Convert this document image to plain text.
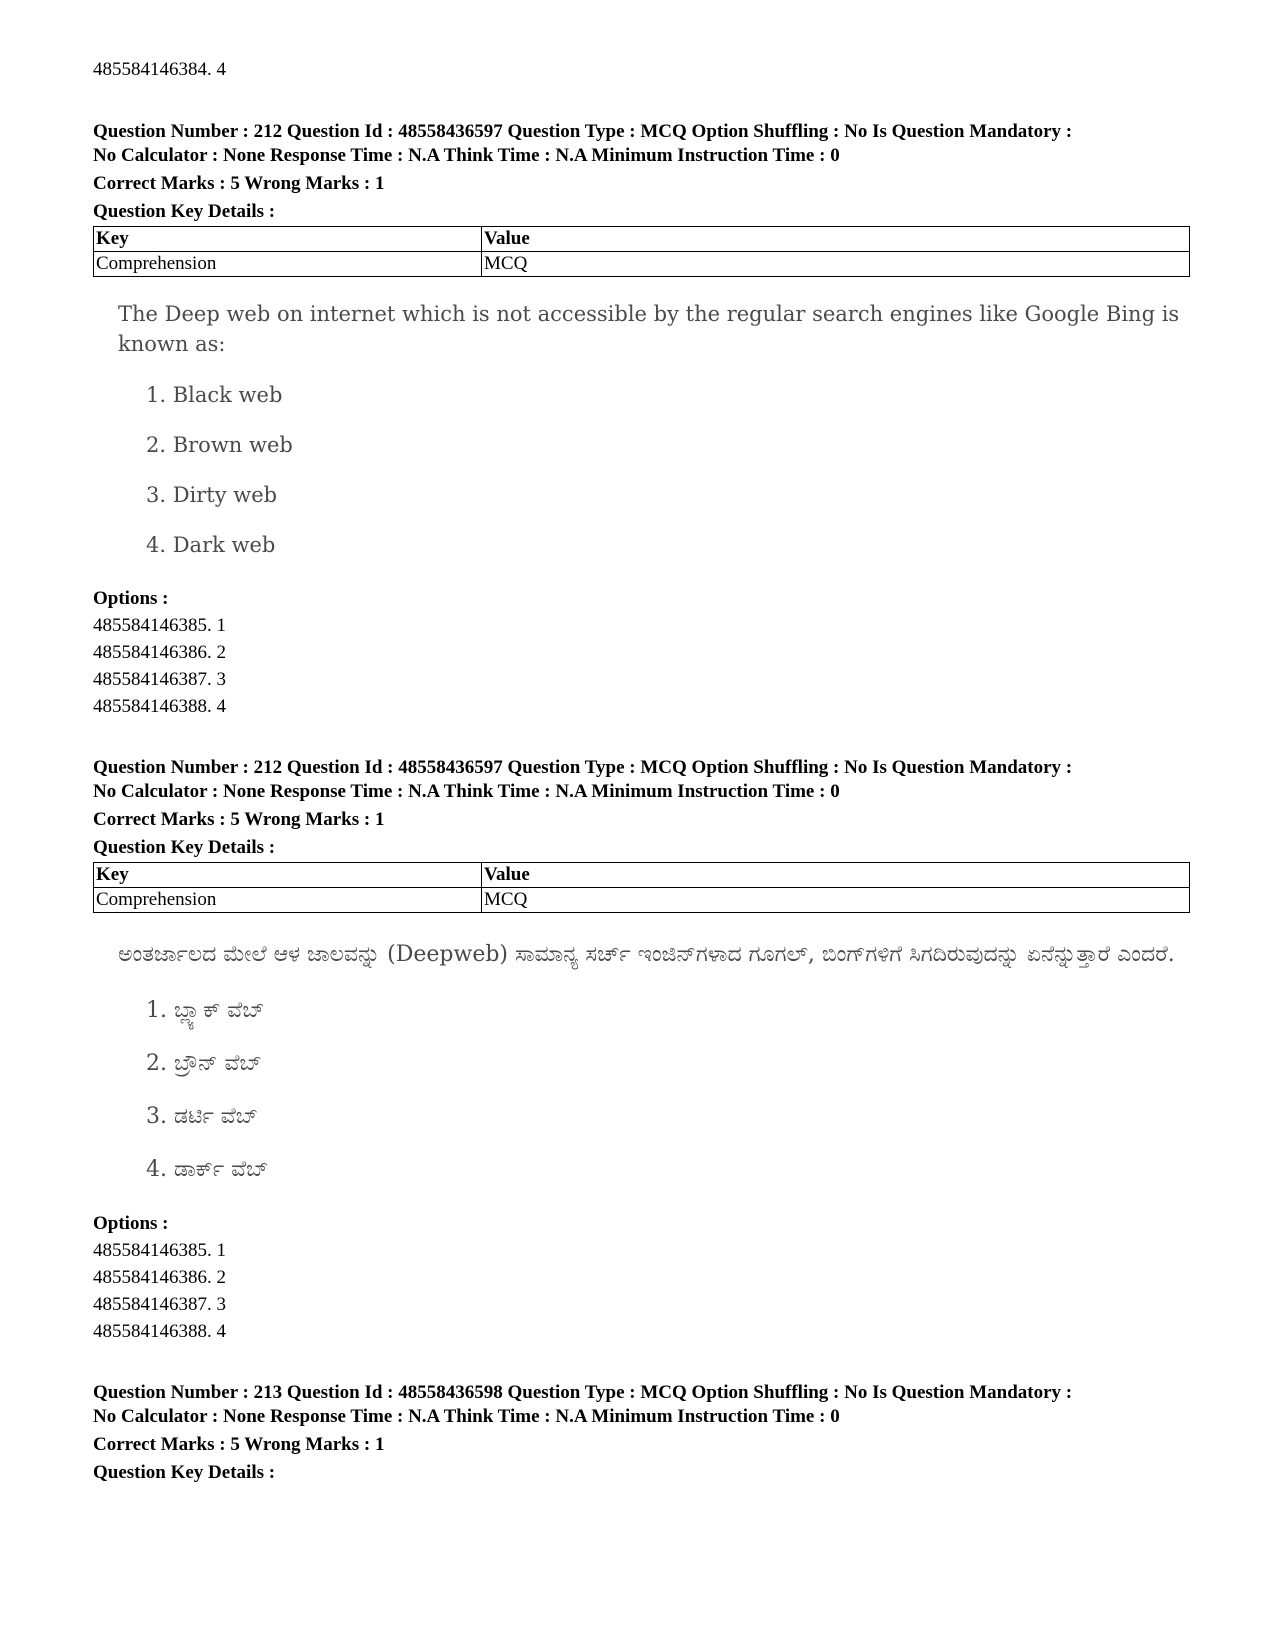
485584146384. 4
Question Number : 212 Question Id : 48558436597 Question Type : MCQ Option Shuffling : No Is Question Mandatory :
No Calculator : None Response Time : N.A Think Time : N.A Minimum Instruction Time : 0
Correct Marks : 5 Wrong Marks : 1
Question Key Details :
Key	Value
Comprehension	MCQ
The Deep web on internet which is not accessible by the regular search engines like Google Bing is known as:
1. Black web
2. Brown web
3. Dirty web
4. Dark web
Options :
485584146385. 1
485584146386. 2
485584146387. 3
485584146388. 4
Question Number : 212 Question Id : 48558436597 Question Type : MCQ Option Shuffling : No Is Question Mandatory :
No Calculator : None Response Time : N.A Think Time : N.A Minimum Instruction Time : 0
Correct Marks : 5 Wrong Marks : 1
Question Key Details :
Key	Value
Comprehension	MCQ
ಅಂತರ್ಜಾಲದ ಮೇಲೆ ಆಳ ಜಾಲವನ್ನು (Deepweb) ಸಾಮಾನ್ಯ ಸರ್ಚ್ ಇಂಜಿನ್‌ಗಳಾದ ಗೂಗಲ್, ಬಿಂಗ್‌ಗಳಿಗೆ ಸಿಗದಿರುವುದನ್ನು ಏನೆನ್ನುತ್ತಾರೆ ಎಂದರೆ.
1. ಬ್ಲ್ಯಾಕ್ ವೆಬ್
2. ಬ್ರೌನ್ ವೆಬ್
3. ಡರ್ಟಿ ವೆಬ್
4. ಡಾರ್ಕ್ ವೆಬ್
Options :
485584146385. 1
485584146386. 2
485584146387. 3
485584146388. 4
Question Number : 213 Question Id : 48558436598 Question Type : MCQ Option Shuffling : No Is Question Mandatory :
No Calculator : None Response Time : N.A Think Time : N.A Minimum Instruction Time : 0
Correct Marks : 5 Wrong Marks : 1
Question Key Details :
